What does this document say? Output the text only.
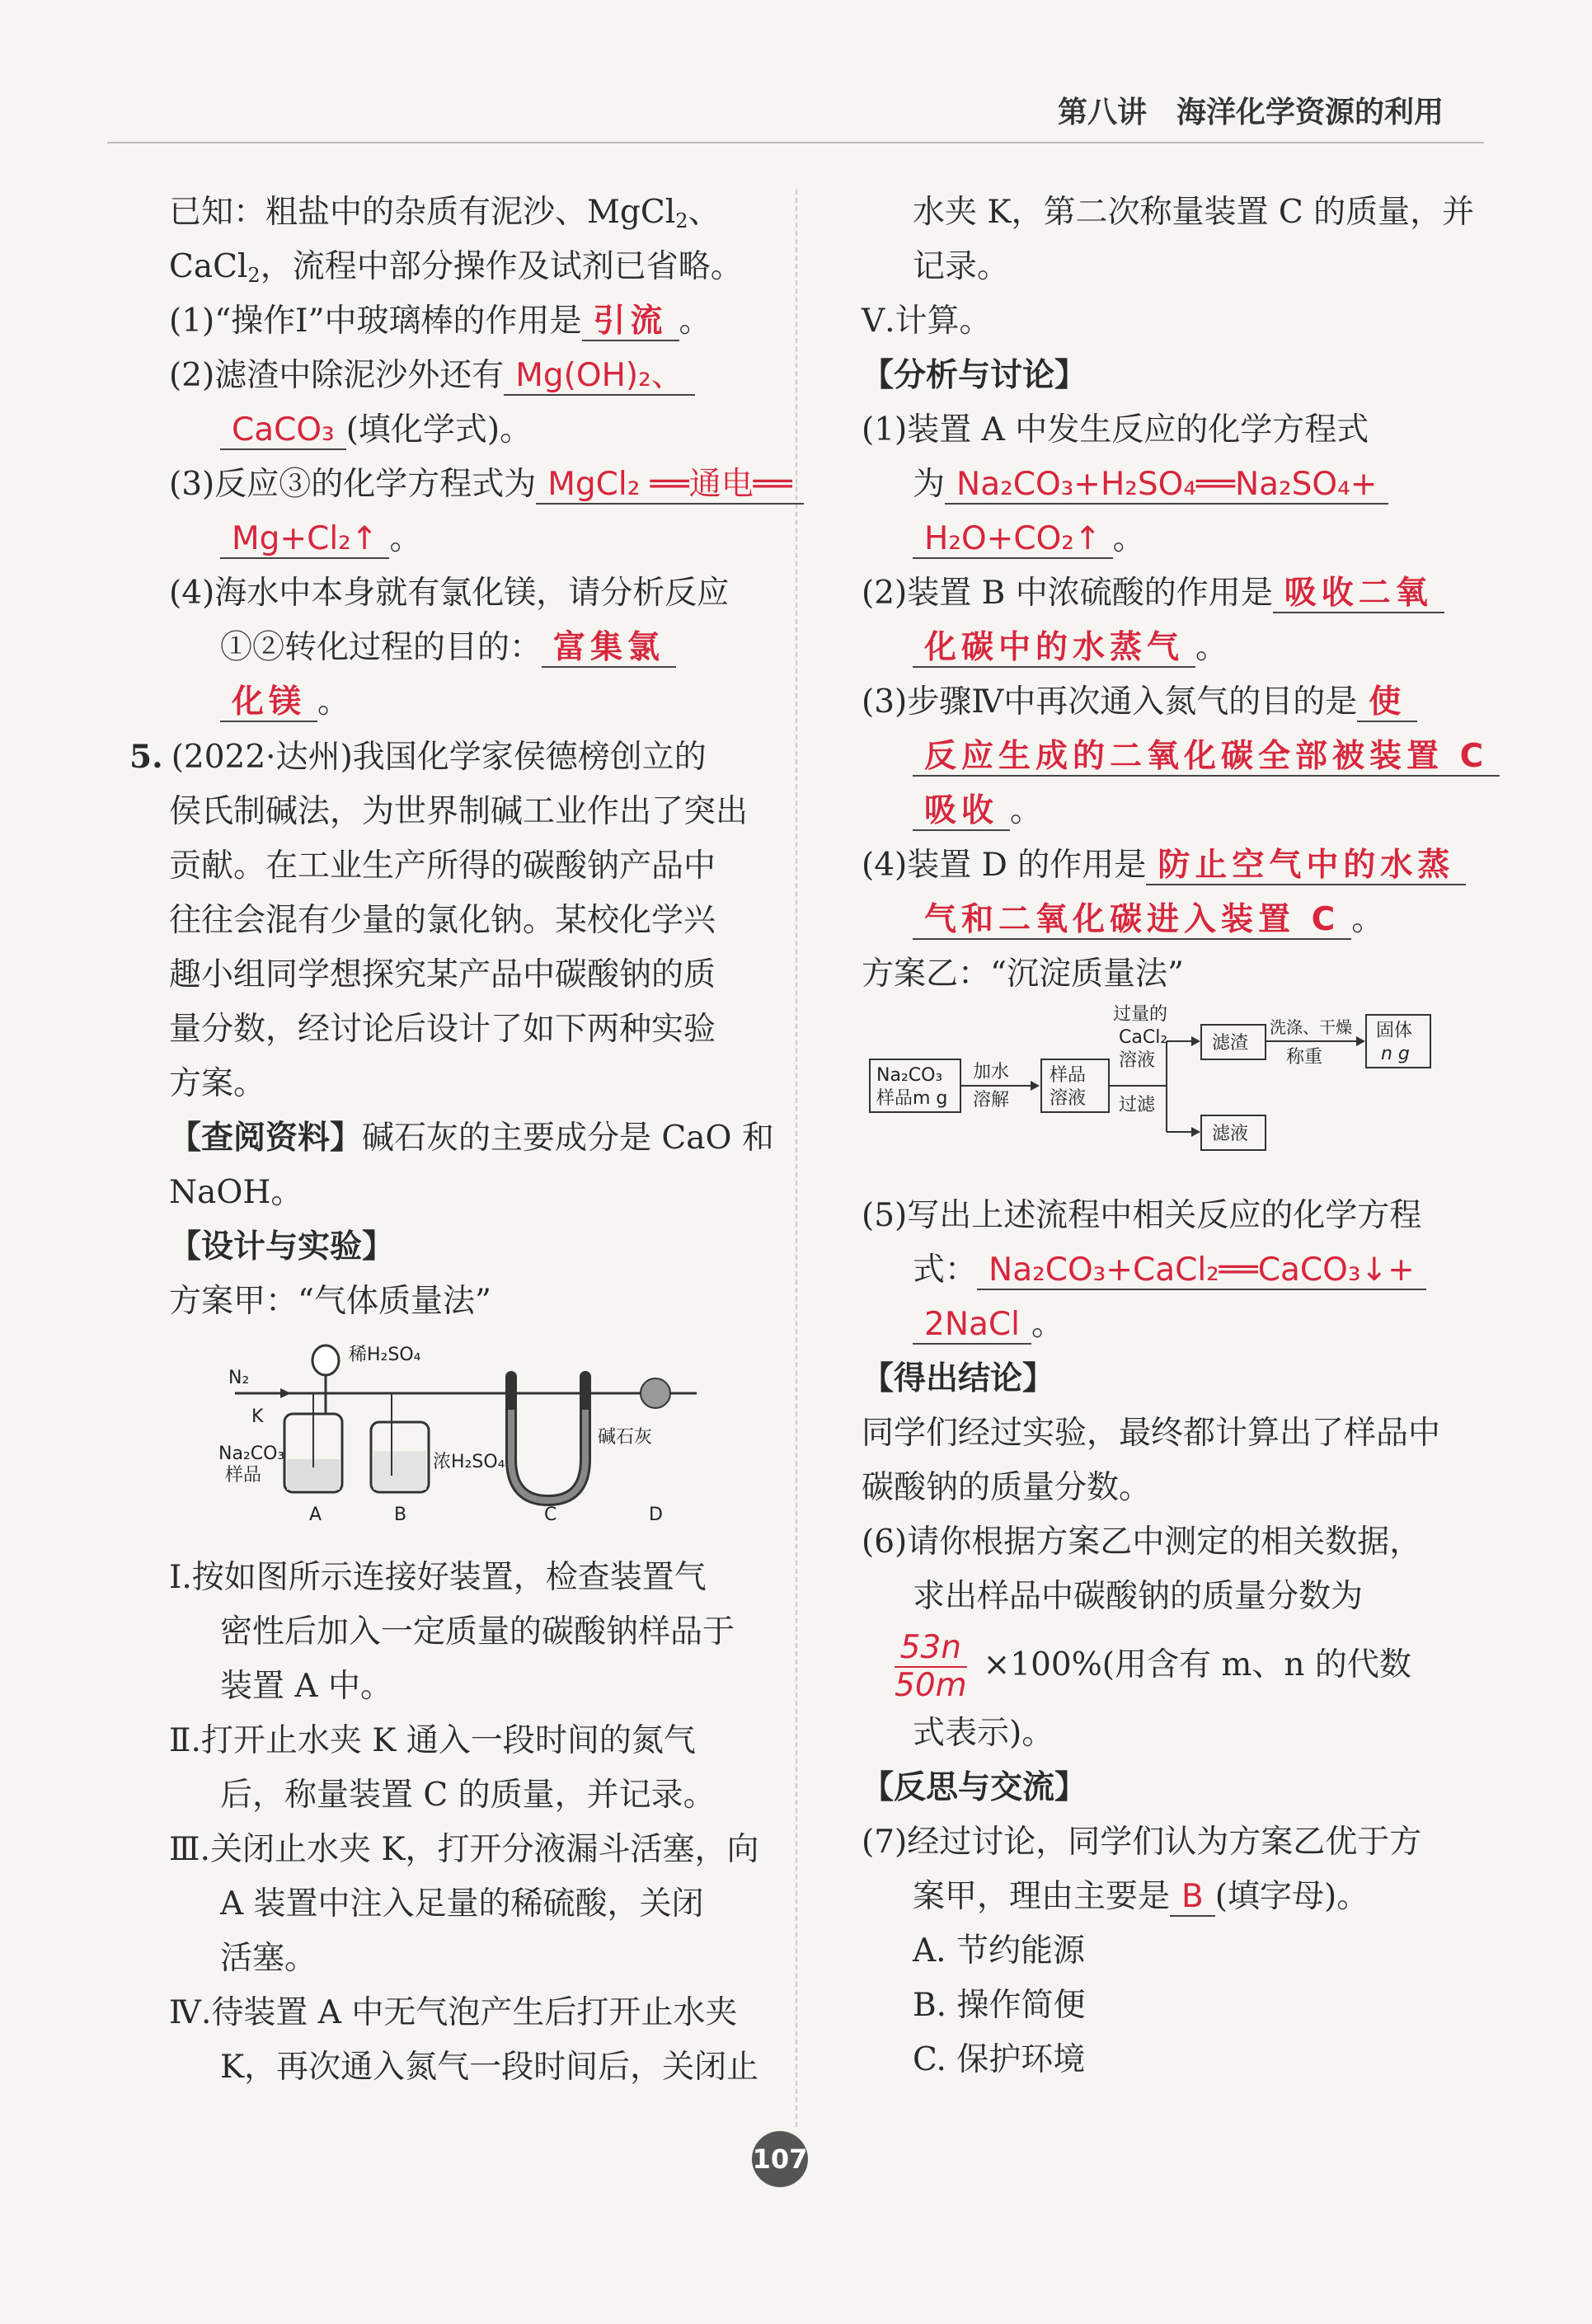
第八讲　海洋化学资源的利用
已知：粗盐中的杂质有泥沙、MgCl$_2$、
CaCl$_2$，流程中部分操作及试剂已省略。
(1)“操作Ⅰ”中玻璃棒的作用是 引流 。
(2)滤渣中除泥沙外还有 Mg(OH)₂、
CaCO₃ (填化学式)。
(3)反应③的化学方程式为 MgCl₂ ══通电══
Mg+Cl₂↑ 。
(4)海水中本身就有氯化镁，请分析反应
①②转化过程的目的： 富集氯
化镁 。
5. (2022·达州)我国化学家侯德榜创立的
侯氏制碱法，为世界制碱工业作出了突出
贡献。在工业生产所得的碳酸钠产品中
往往会混有少量的氯化钠。某校化学兴
趣小组同学想探究某产品中碳酸钠的质
量分数，经讨论后设计了如下两种实验
方案。
【查阅资料】碱石灰的主要成分是 CaO 和
NaOH。
【设计与实验】
方案甲：“气体质量法”
N₂
K
稀H₂SO₄
浓H₂SO₄
碱石灰
Na₂CO₃
样品
A	B	C	D
Ⅰ.按如图所示连接好装置，检查装置气
密性后加入一定质量的碳酸钠样品于
装置 A 中。
Ⅱ.打开止水夹 K 通入一段时间的氮气
后，称量装置 C 的质量，并记录。
Ⅲ.关闭止水夹 K，打开分液漏斗活塞，向
A 装置中注入足量的稀硫酸，关闭
活塞。
Ⅳ.待装置 A 中无气泡产生后打开止水夹
K，再次通入氮气一段时间后，关闭止
水夹 K，第二次称量装置 C 的质量，并
记录。
Ⅴ.计算。
【分析与讨论】
(1)装置 A 中发生反应的化学方程式
为 Na₂CO₃+H₂SO₄══Na₂SO₄+
H₂O+CO₂↑ 。
(2)装置 B 中浓硫酸的作用是 吸收二氧
化碳中的水蒸气 。
(3)步骤Ⅳ中再次通入氮气的目的是 使
反应生成的二氧化碳全部被装置 C
吸收 。
(4)装置 D 的作用是 防止空气中的水蒸
气和二氧化碳进入装置 C 。
方案乙：“沉淀质量法”
Na₂CO₃
样品m g
加水
溶解
样品
溶液
过量的
CaCl₂
溶液
过滤
滤渣
洗涤、干燥
称重
固体
n g
滤液
(5)写出上述流程中相关反应的化学方程
式： Na₂CO₃+CaCl₂══CaCO₃↓+
2NaCl 。
【得出结论】
同学们经过实验，最终都计算出了样品中
碳酸钠的质量分数。
(6)请你根据方案乙中测定的相关数据，
求出样品中碳酸钠的质量分数为
$\frac{53n}{50m} \times 100\%$(用含有 m、n 的代数
式表示)。
【反思与交流】
(7)经过讨论，同学们认为方案乙优于方
案甲，理由主要是 B (填字母)。
A. 节约能源
B. 操作简便
C. 保护环境
107
